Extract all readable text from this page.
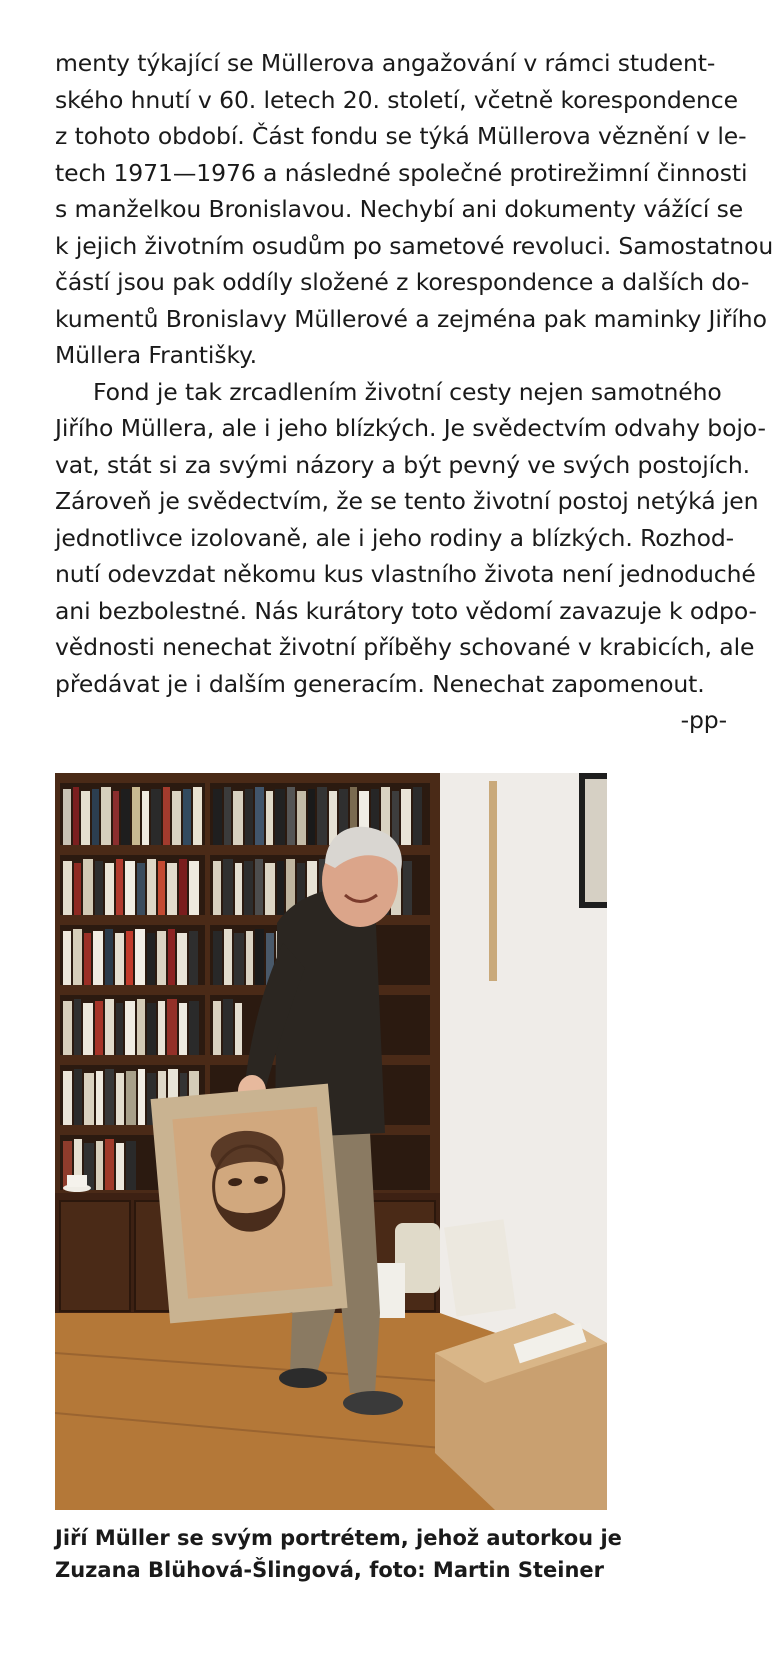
menty týkající se Müllerova angažování v rámci student-
ského hnutí v 60. letech 20. století, včetně korespondence
z tohoto období. Část fondu se týká Müllerova věznění v le-
tech 1971—1976 a následné společné protirežimní činnosti
s manželkou Bronislavou. Nechybí ani dokumenty vážící se
k jejich životním osudům po sametové revoluci. Samostatnou
částí jsou pak oddíly složené z korespondence a dalších do-
kumentů Bronislavy Müllerové a zejména pak maminky Jiřího
Müllera Františky.
Fond je tak zrcadlením životní cesty nejen samotného
Jiřího Müllera, ale i jeho blízkých. Je svědectvím odvahy bojo-
vat, stát si za svými názory a být pevný ve svých postojích.
Zároveň je svědectvím, že se tento životní postoj netýká jen
jednotlivce izolovaně, ale i jeho rodiny a blízkých. Rozhod-
nutí odevzdat někomu kus vlastního života není jednoduché
ani bezbolestné. Nás kurátory toto vědomí zavazuje k odpo-
vědnosti nenechat životní příběhy schované v krabicích, ale
předávat je i dalším generacím. Nenechat zapomenout.
-pp-
Jiří Müller se svým portrétem, jehož autorkou je
Zuzana Blühová-Šlingová, foto: Martin Steiner
